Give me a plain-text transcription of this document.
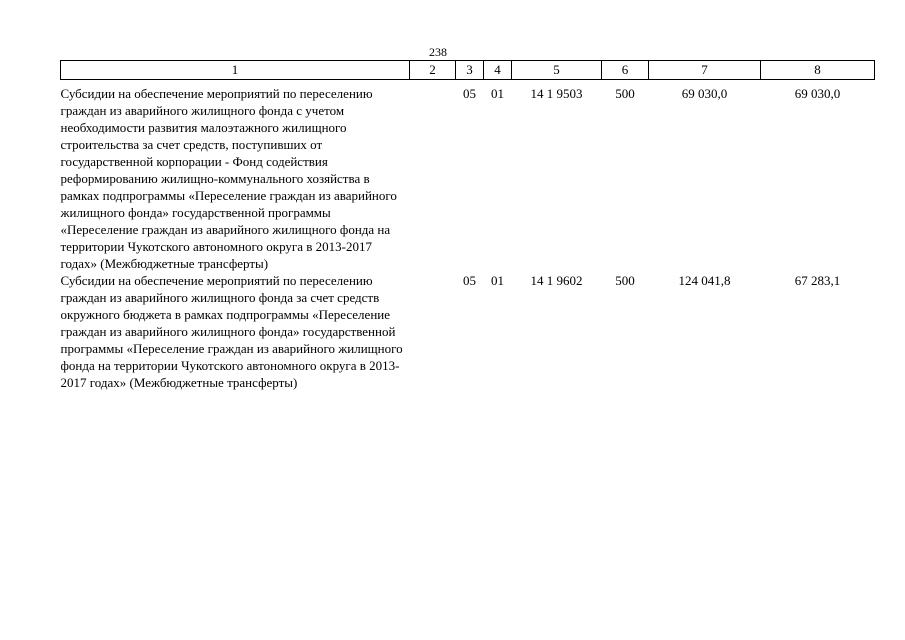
238
1	2	3	4	5	6	7	8
Субсидии на обеспечение мероприятий по переселению граждан из аварийного жилищного фонда с учетом необходимости развития малоэтажного жилищного строительства за счет средств, поступивших от государственной корпорации - Фонд содействия реформированию жилищно-коммунального хозяйства в рамках подпрограммы «Переселение граждан из аварийного жилищного фонда» государственной программы «Переселение граждан из аварийного жилищного фонда на территории Чукотского автономного округа в 2013-2017 годах» (Межбюджетные трансферты)		05	01	14 1 9503	500	69 030,0	69 030,0
Субсидии на обеспечение мероприятий по переселению граждан из аварийного жилищного фонда за счет средств окружного бюджета в рамках подпрограммы «Переселение граждан из аварийного жилищного фонда» государственной программы «Переселение граждан из аварийного жилищного фонда на территории Чукотского автономного округа в 2013-2017 годах» (Межбюджетные трансферты)		05	01	14 1 9602	500	124 041,8	67 283,1
